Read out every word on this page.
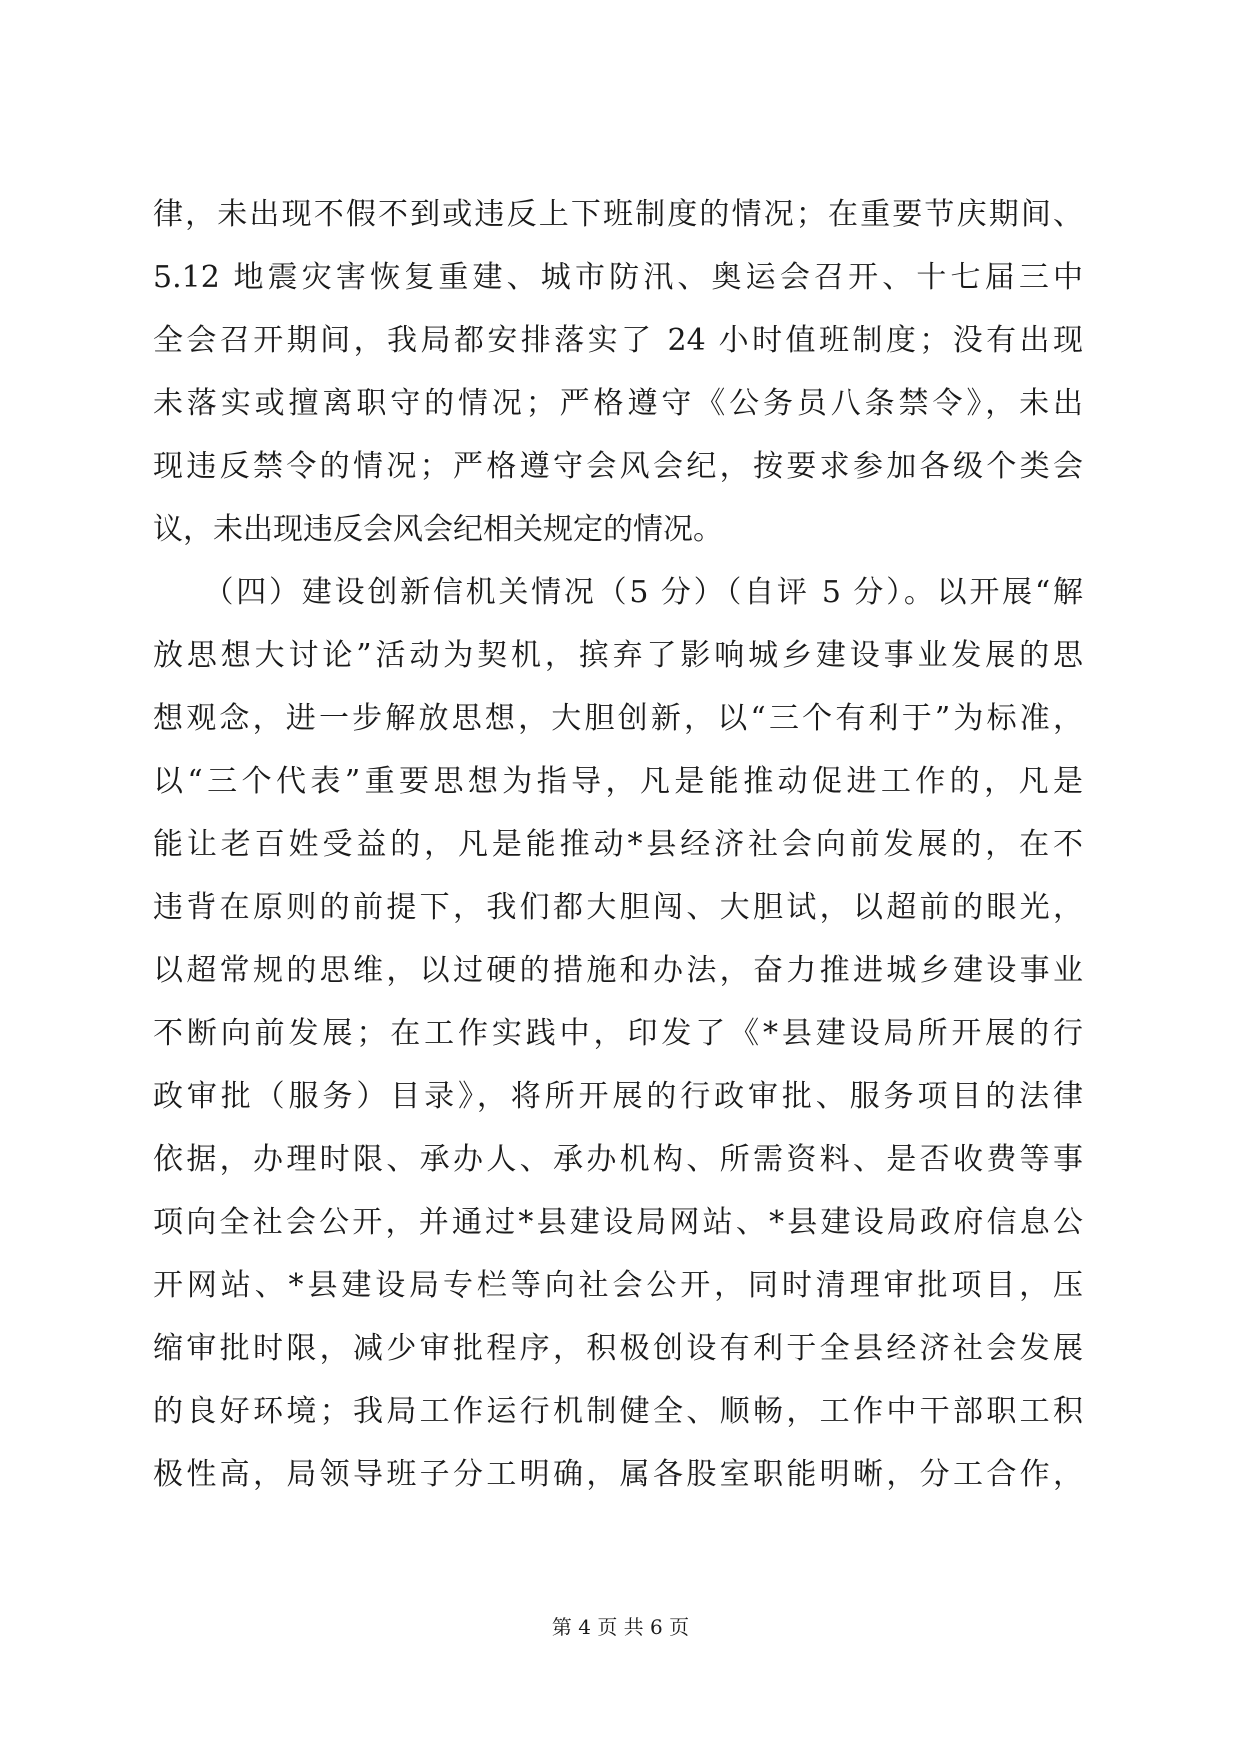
律，未出现不假不到或违反上下班制度的情况；在重要节庆期间、
5.12 地震灾害恢复重建、城市防汛、奥运会召开、十七届三中
全会召开期间，我局都安排落实了 24 小时值班制度；没有出现
未落实或擅离职守的情况；严格遵守《公务员八条禁令》，未出
现违反禁令的情况；严格遵守会风会纪，按要求参加各级个类会
议，未出现违反会风会纪相关规定的情况。
　　（四）建设创新信机关情况（5 分）（自评 5 分）。以开展“解
放思想大讨论”活动为契机，摈弃了影响城乡建设事业发展的思
想观念，进一步解放思想，大胆创新，以“三个有利于”为标准，
以“三个代表”重要思想为指导，凡是能推动促进工作的，凡是
能让老百姓受益的，凡是能推动*县经济社会向前发展的，在不
违背在原则的前提下，我们都大胆闯、大胆试，以超前的眼光，
以超常规的思维，以过硬的措施和办法，奋力推进城乡建设事业
不断向前发展；在工作实践中，印发了《*县建设局所开展的行
政审批（服务）目录》，将所开展的行政审批、服务项目的法律
依据，办理时限、承办人、承办机构、所需资料、是否收费等事
项向全社会公开，并通过*县建设局网站、*县建设局政府信息公
开网站、*县建设局专栏等向社会公开，同时清理审批项目，压
缩审批时限，减少审批程序，积极创设有利于全县经济社会发展
的良好环境；我局工作运行机制健全、顺畅，工作中干部职工积
极性高，局领导班子分工明确，属各股室职能明晰，分工合作，
第 4 页 共 6 页
